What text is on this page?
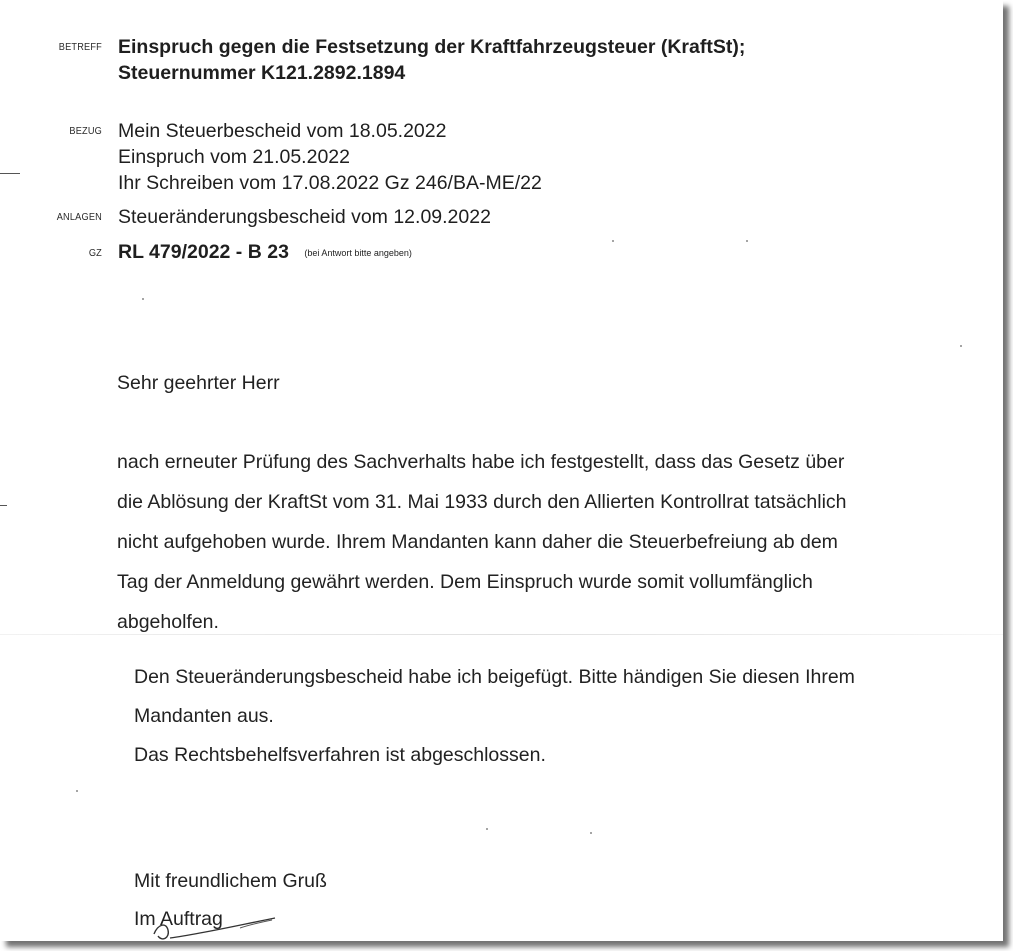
BETREFF Einspruch gegen die Festsetzung der Kraftfahrzeugsteuer (KraftSt);
Steuernummer K121.2892.1894
BEZUG Mein Steuerbescheid vom 18.05.2022
Einspruch vom 21.05.2022
Ihr Schreiben vom 17.08.2022 Gz 246/BA-ME/22
ANLAGEN Steueränderungsbescheid vom 12.09.2022
GZ RL 479/2022 - B 23 (bei Antwort bitte angeben)
Sehr geehrter Herr
nach erneuter Prüfung des Sachverhalts habe ich festgestellt, dass das Gesetz über
die Ablösung der KraftSt vom 31. Mai 1933 durch den Allierten Kontrollrat tatsächlich
nicht aufgehoben wurde. Ihrem Mandanten kann daher die Steuerbefreiung ab dem
Tag der Anmeldung gewährt werden. Dem Einspruch wurde somit vollumfänglich
abgeholfen.
Den Steueränderungsbescheid habe ich beigefügt. Bitte händigen Sie diesen Ihrem
Mandanten aus.
Das Rechtsbehelfsverfahren ist abgeschlossen.
Mit freundlichem Gruß
Im Auftrag
